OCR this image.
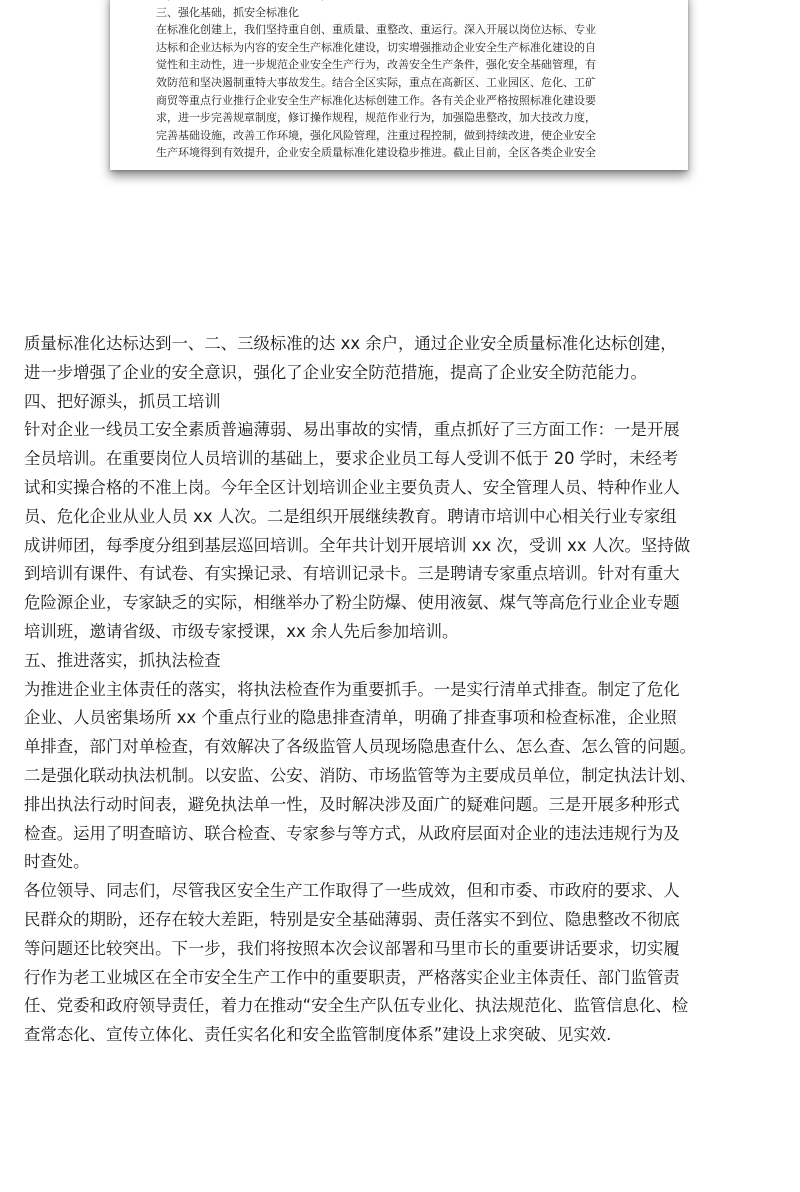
三、强化基础，抓安全标准化
在标准化创建上，我们坚持重自创、重质量、重整改、重运行。深入开展以岗位达标、专业
达标和企业达标为内容的安全生产标准化建设，切实增强推动企业安全生产标准化建设的自
觉性和主动性，进一步规范企业安全生产行为，改善安全生产条件，强化安全基础管理，有
效防范和坚决遏制重特大事故发生。结合全区实际，重点在高新区、工业园区、危化、工矿
商贸等重点行业推行企业安全生产标准化达标创建工作。各有关企业严格按照标准化建设要
求，进一步完善规章制度，修订操作规程，规范作业行为，加强隐患整改，加大技改力度，
完善基础设施，改善工作环境，强化风险管理，注重过程控制，做到持续改进，使企业安全
生产环境得到有效提升，企业安全质量标准化建设稳步推进。截止目前，全区各类企业安全
质量标准化达标达到一、二、三级标准的达 xx 余户，通过企业安全质量标准化达标创建，
进一步增强了企业的安全意识，强化了企业安全防范措施，提高了企业安全防范能力。
四、把好源头，抓员工培训
针对企业一线员工安全素质普遍薄弱、易出事故的实情，重点抓好了三方面工作：一是开展
全员培训。在重要岗位人员培训的基础上，要求企业员工每人受训不低于 20 学时，未经考
试和实操合格的不准上岗。今年全区计划培训企业主要负责人、安全管理人员、特种作业人
员、危化企业从业人员 xx 人次。二是组织开展继续教育。聘请市培训中心相关行业专家组
成讲师团，每季度分组到基层巡回培训。全年共计划开展培训 xx 次，受训 xx 人次。坚持做
到培训有课件、有试卷、有实操记录、有培训记录卡。三是聘请专家重点培训。针对有重大
危险源企业，专家缺乏的实际，相继举办了粉尘防爆、使用液氨、煤气等高危行业企业专题
培训班，邀请省级、市级专家授课，xx 余人先后参加培训。
五、推进落实，抓执法检查
为推进企业主体责任的落实，将执法检查作为重要抓手。一是实行清单式排查。制定了危化
企业、人员密集场所 xx 个重点行业的隐患排查清单，明确了排查事项和检查标准，企业照
单排查，部门对单检查，有效解决了各级监管人员现场隐患查什么、怎么查、怎么管的问题。
二是强化联动执法机制。以安监、公安、消防、市场监管等为主要成员单位，制定执法计划、
排出执法行动时间表，避免执法单一性，及时解决涉及面广的疑难问题。三是开展多种形式
检查。运用了明查暗访、联合检查、专家参与等方式，从政府层面对企业的违法违规行为及
时查处。
各位领导、同志们，尽管我区安全生产工作取得了一些成效，但和市委、市政府的要求、人
民群众的期盼，还存在较大差距，特别是安全基础薄弱、责任落实不到位、隐患整改不彻底
等问题还比较突出。下一步，我们将按照本次会议部署和马里市长的重要讲话要求，切实履
行作为老工业城区在全市安全生产工作中的重要职责，严格落实企业主体责任、部门监管责
任、党委和政府领导责任，着力在推动“安全生产队伍专业化、执法规范化、监管信息化、检
查常态化、宣传立体化、责任实名化和安全监管制度体系”建设上求突破、见实效.
